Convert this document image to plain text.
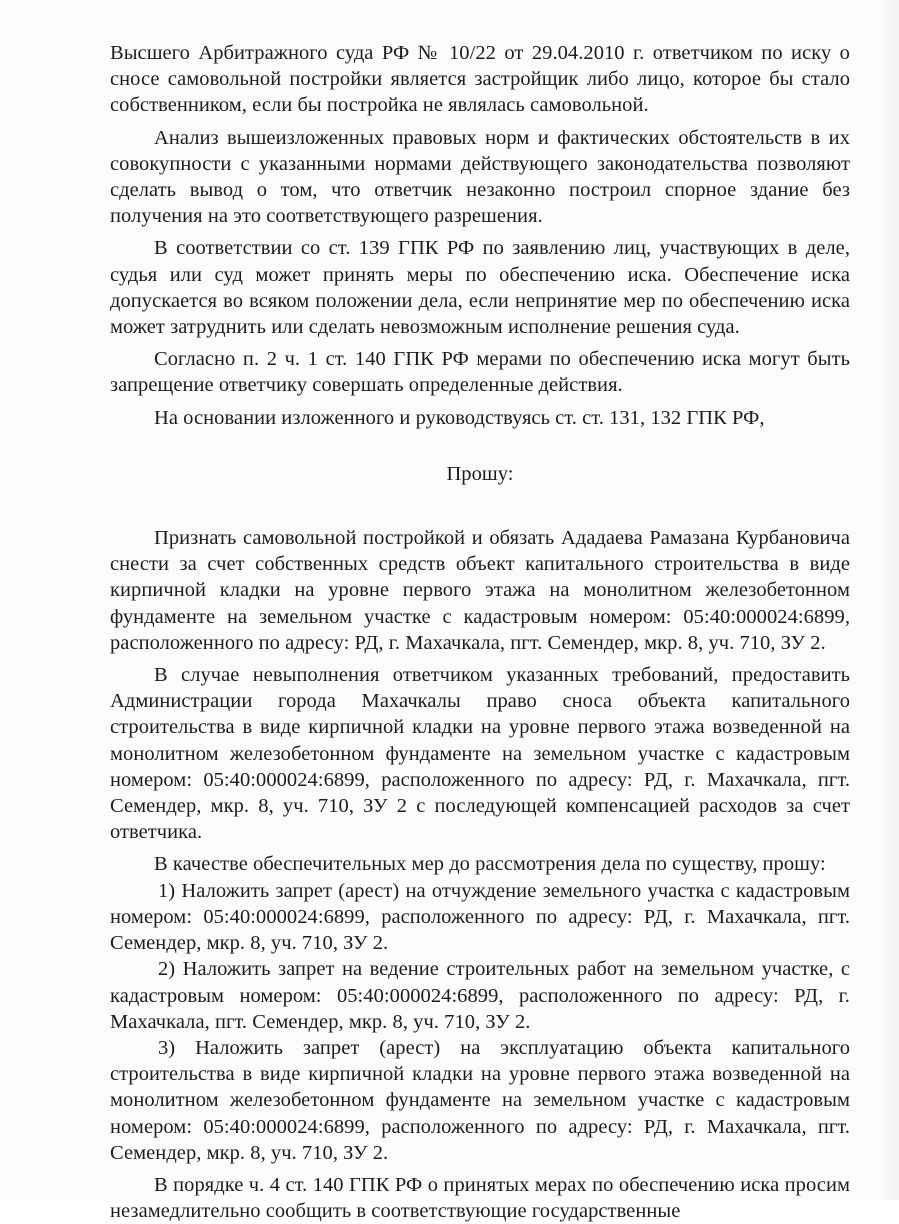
Высшего Арбитражного суда РФ № 10/22 от 29.04.2010 г. ответчиком по иску о сносе самовольной постройки является застройщик либо лицо, которое бы стало собственником, если бы постройка не являлась самовольной.

Анализ вышеизложенных правовых норм и фактических обстоятельств в их совокупности с указанными нормами действующего законодательства позволяют сделать вывод о том, что ответчик незаконно построил спорное здание без получения на это соответствующего разрешения.

В соответствии со ст. 139 ГПК РФ по заявлению лиц, участвующих в деле, судья или суд может принять меры по обеспечению иска. Обеспечение иска допускается во всяком положении дела, если непринятие мер по обеспечению иска может затруднить или сделать невозможным исполнение решения суда.

Согласно п. 2 ч. 1 ст. 140 ГПК РФ мерами по обеспечению иска могут быть запрещение ответчику совершать определенные действия.

На основании изложенного и руководствуясь ст. ст. 131, 132 ГПК РФ,

Прошу:

Признать самовольной постройкой и обязать Ададаева Рамазана Курбановича снести за счет собственных средств объект капитального строительства в виде кирпичной кладки на уровне первого этажа на монолитном железобетонном фундаменте на земельном участке с кадастровым номером: 05:40:000024:6899, расположенного по адресу: РД, г. Махачкала, пгт. Семендер, мкр. 8, уч. 710, ЗУ 2.

В случае невыполнения ответчиком указанных требований, предоставить Администрации города Махачкалы право сноса объекта капитального строительства в виде кирпичной кладки на уровне первого этажа возведенной на монолитном железобетонном фундаменте на земельном участке с кадастровым номером: 05:40:000024:6899, расположенного по адресу: РД, г. Махачкала, пгт. Семендер, мкр. 8, уч. 710, ЗУ 2 с последующей компенсацией расходов за счет ответчика.

В качестве обеспечительных мер до рассмотрения дела по существу, прошу:

1) Наложить запрет (арест) на отчуждение земельного участка с кадастровым номером: 05:40:000024:6899, расположенного по адресу: РД, г. Махачкала, пгт. Семендер, мкр. 8, уч. 710, ЗУ 2.

2) Наложить запрет на ведение строительных работ на земельном участке, с кадастровым номером: 05:40:000024:6899, расположенного по адресу: РД, г. Махачкала, пгт. Семендер, мкр. 8, уч. 710, ЗУ 2.

3) Наложить запрет (арест) на эксплуатацию объекта капитального строительства в виде кирпичной кладки на уровне первого этажа возведенной на монолитном железобетонном фундаменте на земельном участке с кадастровым номером: 05:40:000024:6899, расположенного по адресу: РД, г. Махачкала, пгт. Семендер, мкр. 8, уч. 710, ЗУ 2.

В порядке ч. 4 ст. 140 ГПК РФ о принятых мерах по обеспечению иска просим незамедлительно сообщить в соответствующие государственные
